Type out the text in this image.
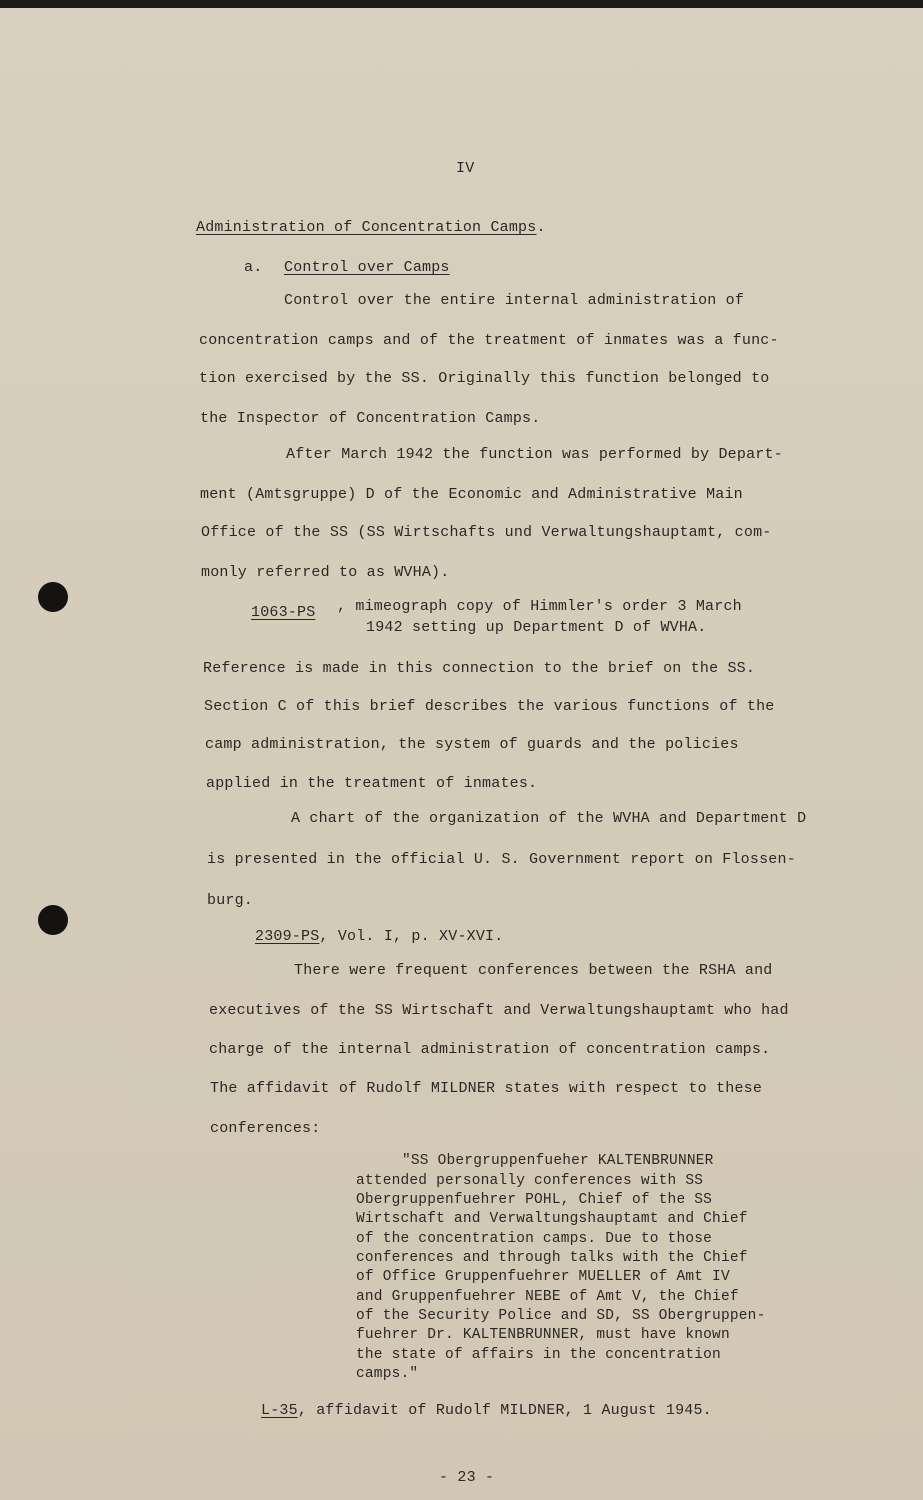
IV
Administration of Concentration Camps.
a. Control over Camps
Control over the entire internal administration of
concentration camps and of the treatment of inmates was a func-
tion exercised by the SS. Originally this function belonged to
the Inspector of Concentration Camps.
After March 1942 the function was performed by Depart-
ment (Amtsgruppe) D of the Economic and Administrative Main
Office of the SS (SS Wirtschafts und Verwaltungshauptamt, com-
monly referred to as WVHA).
1063-PS , mimeograph copy of Himmler's order 3 March
1942 setting up Department D of WVHA.
Reference is made in this connection to the brief on the SS.
Section C of this brief describes the various functions of the
camp administration, the system of guards and the policies
applied in the treatment of inmates.
A chart of the organization of the WVHA and Department D
is presented in the official U. S. Government report on Flossen-
burg.
2309-PS, Vol. I, p. XV-XVI.
There were frequent conferences between the RSHA and
executives of the SS Wirtschaft and Verwaltungshauptamt who had
charge of the internal administration of concentration camps.
The affidavit of Rudolf MILDNER states with respect to these
conferences:
"SS Obergruppenfueher KALTENBRUNNER
attended personally conferences with SS
Obergruppenfuehrer POHL, Chief of the SS
Wirtschaft and Verwaltungshauptamt and Chief
of the concentration camps. Due to those
conferences and through talks with the Chief
of Office Gruppenfuehrer MUELLER of Amt IV
and Gruppenfuehrer NEBE of Amt V, the Chief
of the Security Police and SD, SS Obergruppen-
fuehrer Dr. KALTENBRUNNER, must have known
the state of affairs in the concentration
camps."
L-35, affidavit of Rudolf MILDNER, 1 August 1945.
- 23 -
